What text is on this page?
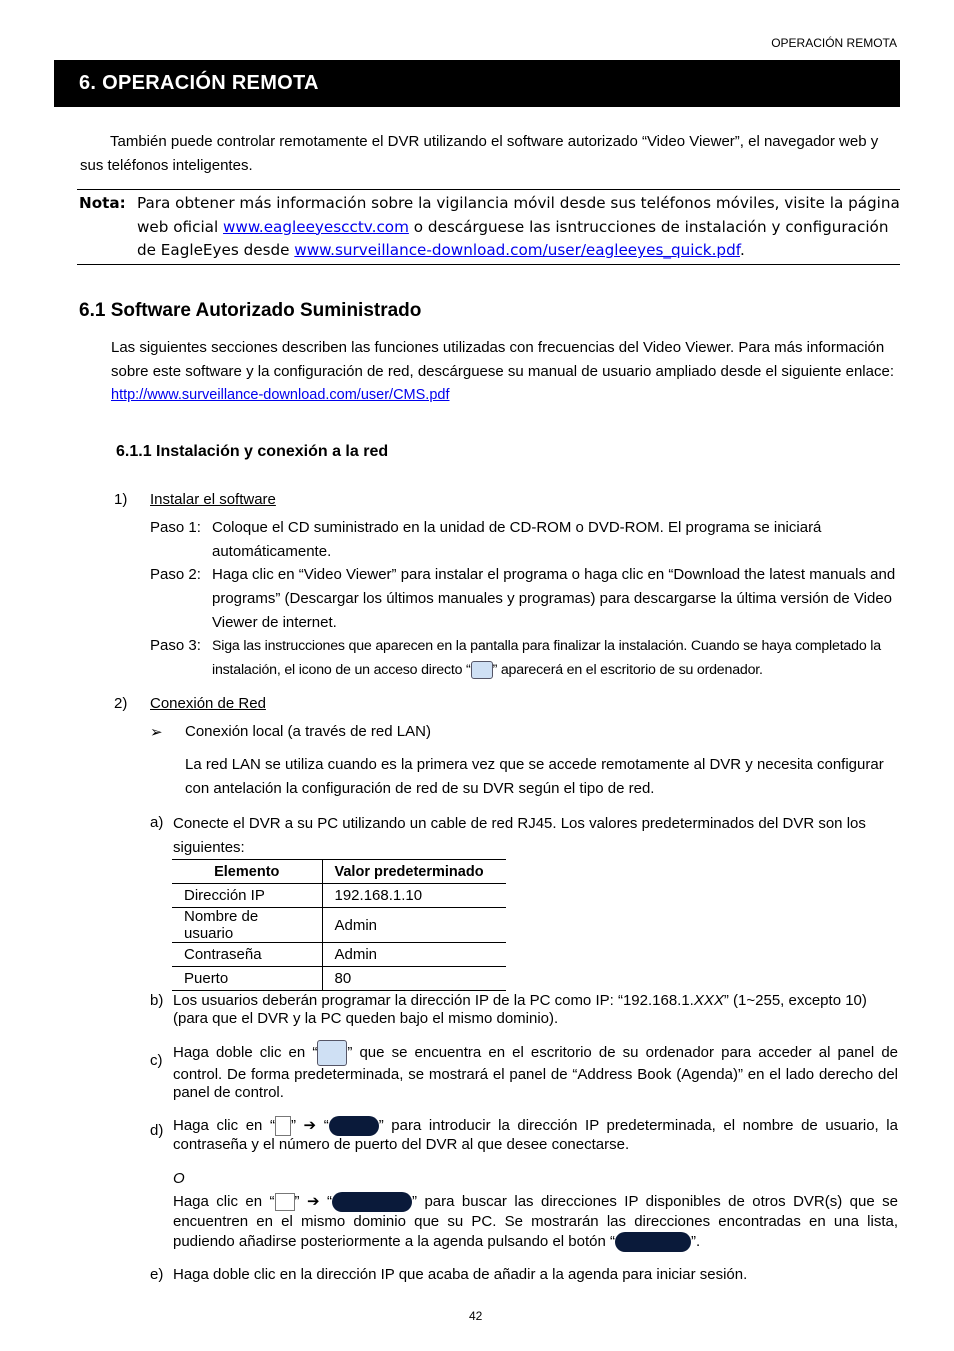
OPERACIÓN REMOTA
6. OPERACIÓN REMOTA
También puede controlar remotamente el DVR utilizando el software autorizado “Video Viewer”, el navegador web y sus teléfonos inteligentes.
Nota: Para obtener más información sobre la vigilancia móvil desde sus teléfonos móviles, visite la página web oficial www.eagleeyescctv.com o descárguese las isntrucciones de instalación y configuración de EagleEyes desde www.surveillance-download.com/user/eagleeyes_quick.pdf.
6.1 Software Autorizado Suministrado
Las siguientes secciones describen las funciones utilizadas con frecuencias del Video Viewer. Para más información sobre este software y la configuración de red, descárguese su manual de usuario ampliado desde el siguiente enlace:
http://www.surveillance-download.com/user/CMS.pdf
6.1.1 Instalación y conexión a la red
1) Instalar el software
Paso 1: Coloque el CD suministrado en la unidad de CD-ROM o DVD-ROM. El programa se iniciará automáticamente.
Paso 2: Haga clic en “Video Viewer” para instalar el programa o haga clic en “Download the latest manuals and programs” (Descargar los últimos manuales y programas) para descargarse la última versión de Video Viewer de internet.
Paso 3: Siga las instrucciones que aparecen en la pantalla para finalizar la instalación. Cuando se haya completado la instalación, el icono de un acceso directo “ ” aparecerá en el escritorio de su ordenador.
2) Conexión de Red
➢ Conexión local (a través de red LAN)
La red LAN se utiliza cuando es la primera vez que se accede remotamente al DVR y necesita configurar con antelación la configuración de red de su DVR según el tipo de red.
a) Conecte el DVR a su PC utilizando un cable de red RJ45. Los valores predeterminados del DVR son los siguientes:
Elemento	Valor predeterminado
Dirección IP	192.168.1.10
Nombre de usuario	Admin
Contraseña	Admin
Puerto	80
b) Los usuarios deberán programar la dirección IP de la PC como IP: “192.168.1.XXX” (1~255, excepto 10) (para que el DVR y la PC queden bajo el mismo dominio).
c) Haga doble clic en “ ” que se encuentra en el escritorio de su ordenador para acceder al panel de control. De forma predeterminada, se mostrará el panel de “Address Book (Agenda)” en el lado derecho del panel de control.
d) Haga clic en “ ” ➔ “	” para introducir la dirección IP predeterminada, el nombre de usuario, la contraseña y el número de puerto del DVR al que desee conectarse.
O
Haga clic en “ ” ➔ “	” para buscar las direcciones IP disponibles de otros DVR(s) que se encuentren en el mismo dominio que su PC. Se mostrarán las direcciones encontradas en una lista, pudiendo añadirse posteriormente a la agenda pulsando el botón “	”.
e) Haga doble clic en la dirección IP que acaba de añadir a la agenda para iniciar sesión.
42
